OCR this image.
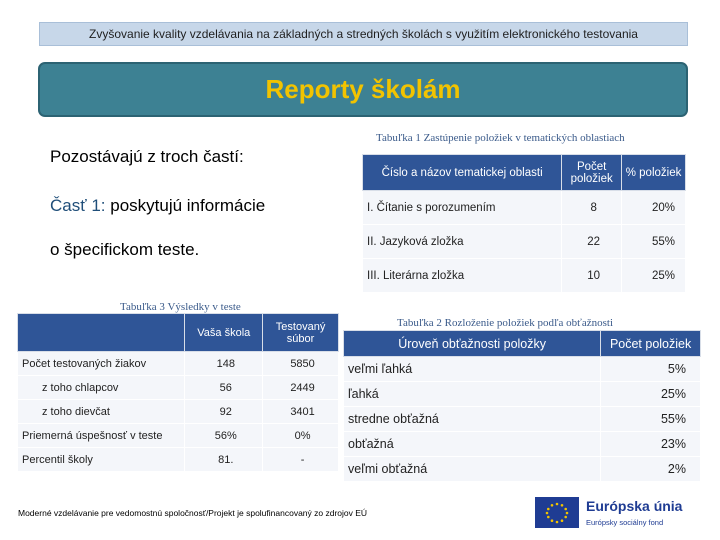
Zvyšovanie kvality vzdelávania na základných a stredných školách s využitím elektronického testovania
Reporty školám
Pozostávajú z troch častí:
Časť 1: poskytujú informácie
o špecifickom teste.
Tabuľka 1 Zastúpenie položiek v tematických oblastiach
Číslo a názov tematickej oblasti	Počet položiek	% položiek
I. Čítanie s porozumením	8	20%
II. Jazyková zložka	22	55%
III. Literárna zložka	10	25%
Tabuľka 3 Výsledky v teste
	Vaša škola	Testovaný súbor
Počet testovaných žiakov	148	5850
z toho chlapcov	56	2449
z toho dievčat	92	3401
Priemerná úspešnosť v teste	56%	0%
Percentil školy	81.	-
Tabuľka 2 Rozloženie položiek podľa obťažnosti
Úroveň obťažnosti položky	Počet položiek
veľmi ľahká	5%
ľahká	25%
stredne obťažná	55%
obťažná	23%
veľmi obťažná	2%
Moderné vzdelávanie pre vedomostnú spoločnosť/Projekt je spolufinancovaný zo zdrojov EÚ	Európska únia
Európsky sociálny fond
